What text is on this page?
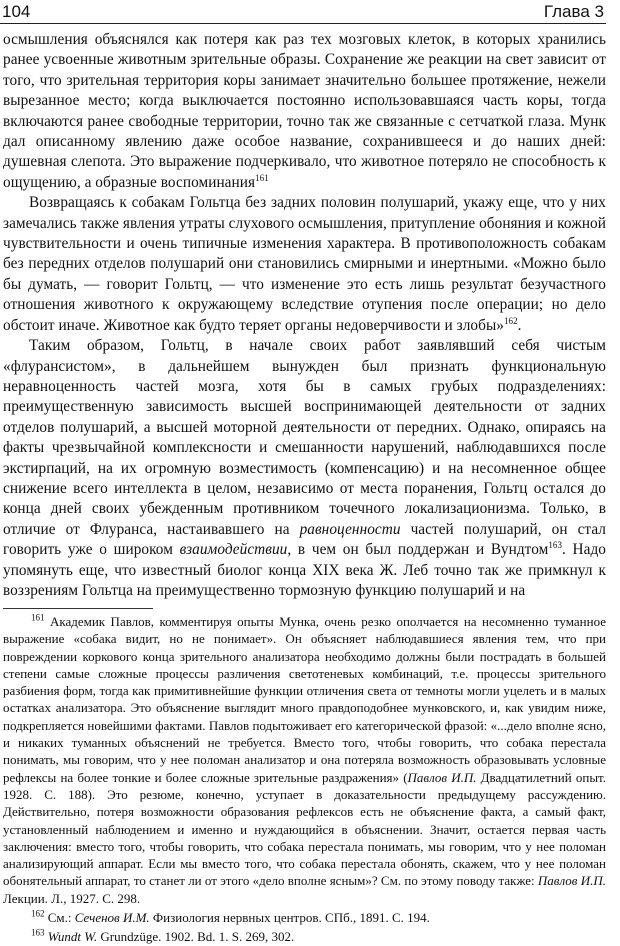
104	Глава 3

осмышления объяснялся как потеря как раз тех мозговых клеток, в которых хранились ранее усвоенные животным зрительные образы. Сохранение же реакции на свет зависит от того, что зрительная территория коры занимает значительно большее протяжение, нежели вырезанное место; когда выключается постоянно использовавшаяся часть коры, тогда включаются ранее свободные территории, точно так же связанные с сетчаткой глаза. Мунк дал описанному явлению даже особое название, сохранившееся и до наших дней: душевная слепота. Это выражение подчеркивало, что животное потеряло не способность к ощущению, а образные воспоминания$^{161}$

Возвращаясь к собакам Гольтца без задних половин полушарий, укажу еще, что у них замечались также явления утраты слухового осмышления, притупление обоняния и кожной чувствительности и очень типичные изменения характера. В противоположность собакам без передних отделов полушарий они становились смирными и инертными. «Можно было бы думать, — говорит Гольтц, — что изменение это есть лишь результат безучастного отношения животного к окружающему вследствие отупения после операции; но дело обстоит иначе. Животное как будто теряет органы недоверчивости и злобы»$^{162}$.

Таким образом, Гольтц, в начале своих работ заявлявший себя чистым «флурансистом», в дальнейшем вынужден был признать функциональную неравноценность частей мозга, хотя бы в самых грубых подразделениях: преимущественную зависимость высшей воспринимающей деятельности от задних отделов полушарий, а высшей моторной деятельности от передних. Однако, опираясь на факты чрезвычайной комплексности и смешанности нарушений, наблюдавшихся после экстирпаций, на их огромную возместимость (компенсацию) и на несомненное общее снижение всего интеллекта в целом, независимо от места поранения, Гольтц остался до конца дней своих убежденным противником точечного локализационизма. Только, в отличие от Флуранса, настаивавшего на равноценности частей полушарий, он стал говорить уже о широком взаимодействии, в чем он был поддержан и Вундтом$^{163}$. Надо упомянуть еще, что известный биолог конца XIX века Ж. Леб точно так же примкнул к воззрениям Гольтца на преимущественно тормозную функцию полушарий и на

$^{161}$ Академик Павлов, комментируя опыты Мунка, очень резко ополчается на несомненно туманное выражение «собака видит, но не понимает». Он объясняет наблюдавшиеся явления тем, что при повреждении коркового конца зрительного анализатора необходимо должны были пострадать в большей степени самые сложные процессы различения светотеневых комбинаций, т.е. процессы зрительного разбиения форм, тогда как примитивнейшие функции отличения света от темноты могли уцелеть и в малых остатках анализатора. Это объяснение выглядит много правдоподобнее мунковского, и, как увидим ниже, подкрепляется новейшими фактами. Павлов подытоживает его категорической фразой: «...дело вполне ясно, и никаких туманных объяснений не требуется. Вместо того, чтобы говорить, что собака перестала понимать, мы говорим, что у нее поломан анализатор и она потеряла возможность образовывать условные рефлексы на более тонкие и более сложные зрительные раздражения» (Павлов И.П. Двадцатилетний опыт. 1928. С. 188). Это резюме, конечно, уступает в доказательности предыдущему рассуждению. Действительно, потеря возможности образования рефлексов есть не объяснение факта, а самый факт, установленный наблюдением и именно и нуждающийся в объяснении. Значит, остается первая часть заключения: вместо того, чтобы говорить, что собака перестала понимать, мы говорим, что у нее поломан анализирующий аппарат. Если мы вместо того, что собака перестала обонять, скажем, что у нее поломан обонятельный аппарат, то станет ли от этого «дело вполне ясным»? См. по этому поводу также: Павлов И.П. Лекции. Л., 1927. С. 298.

$^{162}$ См.: Сеченов И.М. Физиология нервных центров. СПб., 1891. С. 194.

$^{163}$ Wundt W. Grundzüge. 1902. Bd. 1. S. 269, 302.
